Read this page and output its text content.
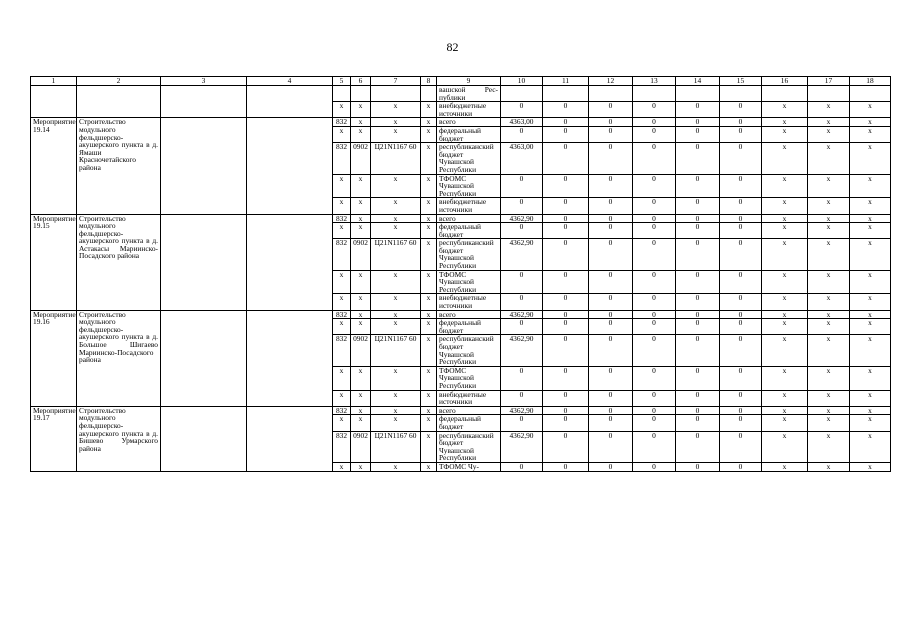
82
1	2	3	4	5	6	7	8	9	10	11	12	13	14	15	16	17	18
								вашской Рес-публики									
				x	x	x	x	внебюджетные источники	0	0	0	0	0	0	x	x	x
Мероприятие 19.14	Строительство модульного фельдшерско-акушерского пункта в д. Ямаши Красночетайского района			832	x	x	x	всего	4363,00	0	0	0	0	0	x	x	x
				x	x	x	x	федеральный бюджет	0	0	0	0	0	0	x	x	x
				832	0902	Ц21N1167 60	x	республиканский бюджет Чувашской Республики	4363,00	0	0	0	0	0	x	x	x
				x	x	x	x	ТФОМС Чувашской Республики	0	0	0	0	0	0	x	x	x
				x	x	x	x	внебюджетные источники	0	0	0	0	0	0	x	x	x
Мероприятие 19.15	Строительство модульного фельдшерско-акушерского пункта в д. Астакасы Мариинско-Посадского района			832	x	x	x	всего	4362,90	0	0	0	0	0	x	x	x
				x	x	x	x	федеральный бюджет	0	0	0	0	0	0	x	x	x
				832	0902	Ц21N1167 60	x	республиканский бюджет Чувашской Республики	4362,90	0	0	0	0	0	x	x	x
				x	x	x	x	ТФОМС Чувашской Республики	0	0	0	0	0	0	x	x	x
				x	x	x	x	внебюджетные источники	0	0	0	0	0	0	x	x	x
Мероприятие 19.16	Строительство модульного фельдшерско-акушерского пункта в д. Большое Шигаево Мариинско-Посадского района			832	x	x	x	всего	4362,90	0	0	0	0	0	x	x	x
				x	x	x	x	федеральный бюджет	0	0	0	0	0	0	x	x	x
				832	0902	Ц21N1167 60	x	республиканский бюджет Чувашской Республики	4362,90	0	0	0	0	0	x	x	x
				x	x	x	x	ТФОМС Чувашской Республики	0	0	0	0	0	0	x	x	x
				x	x	x	x	внебюджетные источники	0	0	0	0	0	0	x	x	x
Мероприятие 19.17	Строительство модульного фельдшерско-акушерского пункта в д. Бишево Урмарского района			832	x	x	x	всего	4362,90	0	0	0	0	0	x	x	x
				x	x	x	x	федеральный бюджет	0	0	0	0	0	0	x	x	x
				832	0902	Ц21N1167 60	x	республиканский бюджет Чувашской Республики	4362,90	0	0	0	0	0	x	x	x
				x	x	x	x	ТФОМС Чу-	0	0	0	0	0	0	x	x	x
